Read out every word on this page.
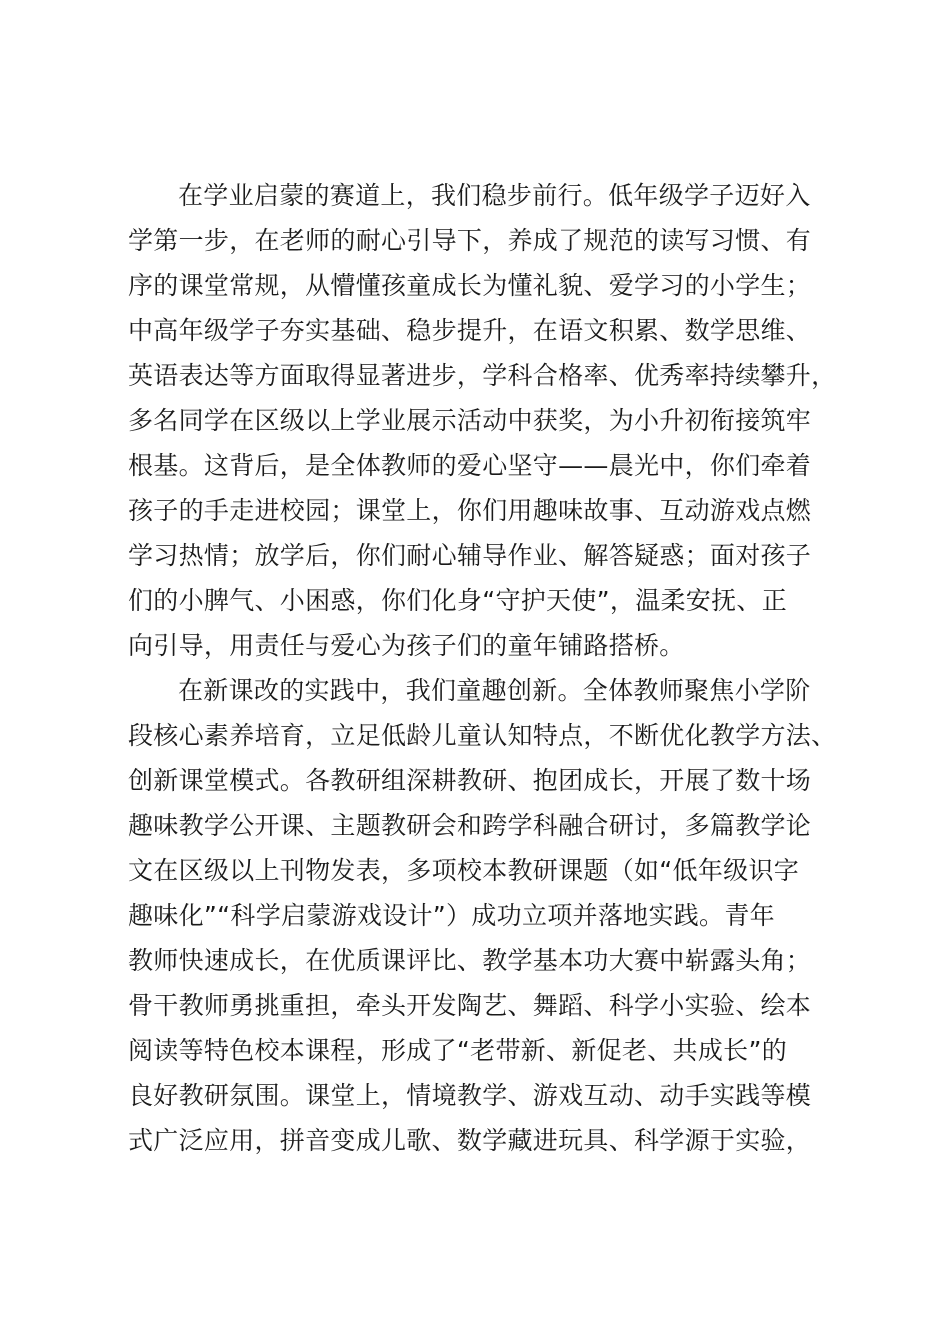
在学业启蒙的赛道上，我们稳步前行。低年级学子迈好入
学第一步，在老师的耐心引导下，养成了规范的读写习惯、有
序的课堂常规，从懵懂孩童成长为懂礼貌、爱学习的小学生；
中高年级学子夯实基础、稳步提升，在语文积累、数学思维、
英语表达等方面取得显著进步，学科合格率、优秀率持续攀升，
多名同学在区级以上学业展示活动中获奖，为小升初衔接筑牢
根基。这背后，是全体教师的爱心坚守——晨光中，你们牵着
孩子的手走进校园；课堂上，你们用趣味故事、互动游戏点燃
学习热情；放学后，你们耐心辅导作业、解答疑惑；面对孩子
们的小脾气、小困惑，你们化身“守护天使”，温柔安抚、正
向引导，用责任与爱心为孩子们的童年铺路搭桥。
在新课改的实践中，我们童趣创新。全体教师聚焦小学阶
段核心素养培育，立足低龄儿童认知特点，不断优化教学方法、
创新课堂模式。各教研组深耕教研、抱团成长，开展了数十场
趣味教学公开课、主题教研会和跨学科融合研讨，多篇教学论
文在区级以上刊物发表，多项校本教研课题（如“低年级识字
趣味化”“科学启蒙游戏设计”）成功立项并落地实践。青年
教师快速成长，在优质课评比、教学基本功大赛中崭露头角；
骨干教师勇挑重担，牵头开发陶艺、舞蹈、科学小实验、绘本
阅读等特色校本课程，形成了“老带新、新促老、共成长”的
良好教研氛围。课堂上，情境教学、游戏互动、动手实践等模
式广泛应用，拼音变成儿歌、数学藏进玩具、科学源于实验，
